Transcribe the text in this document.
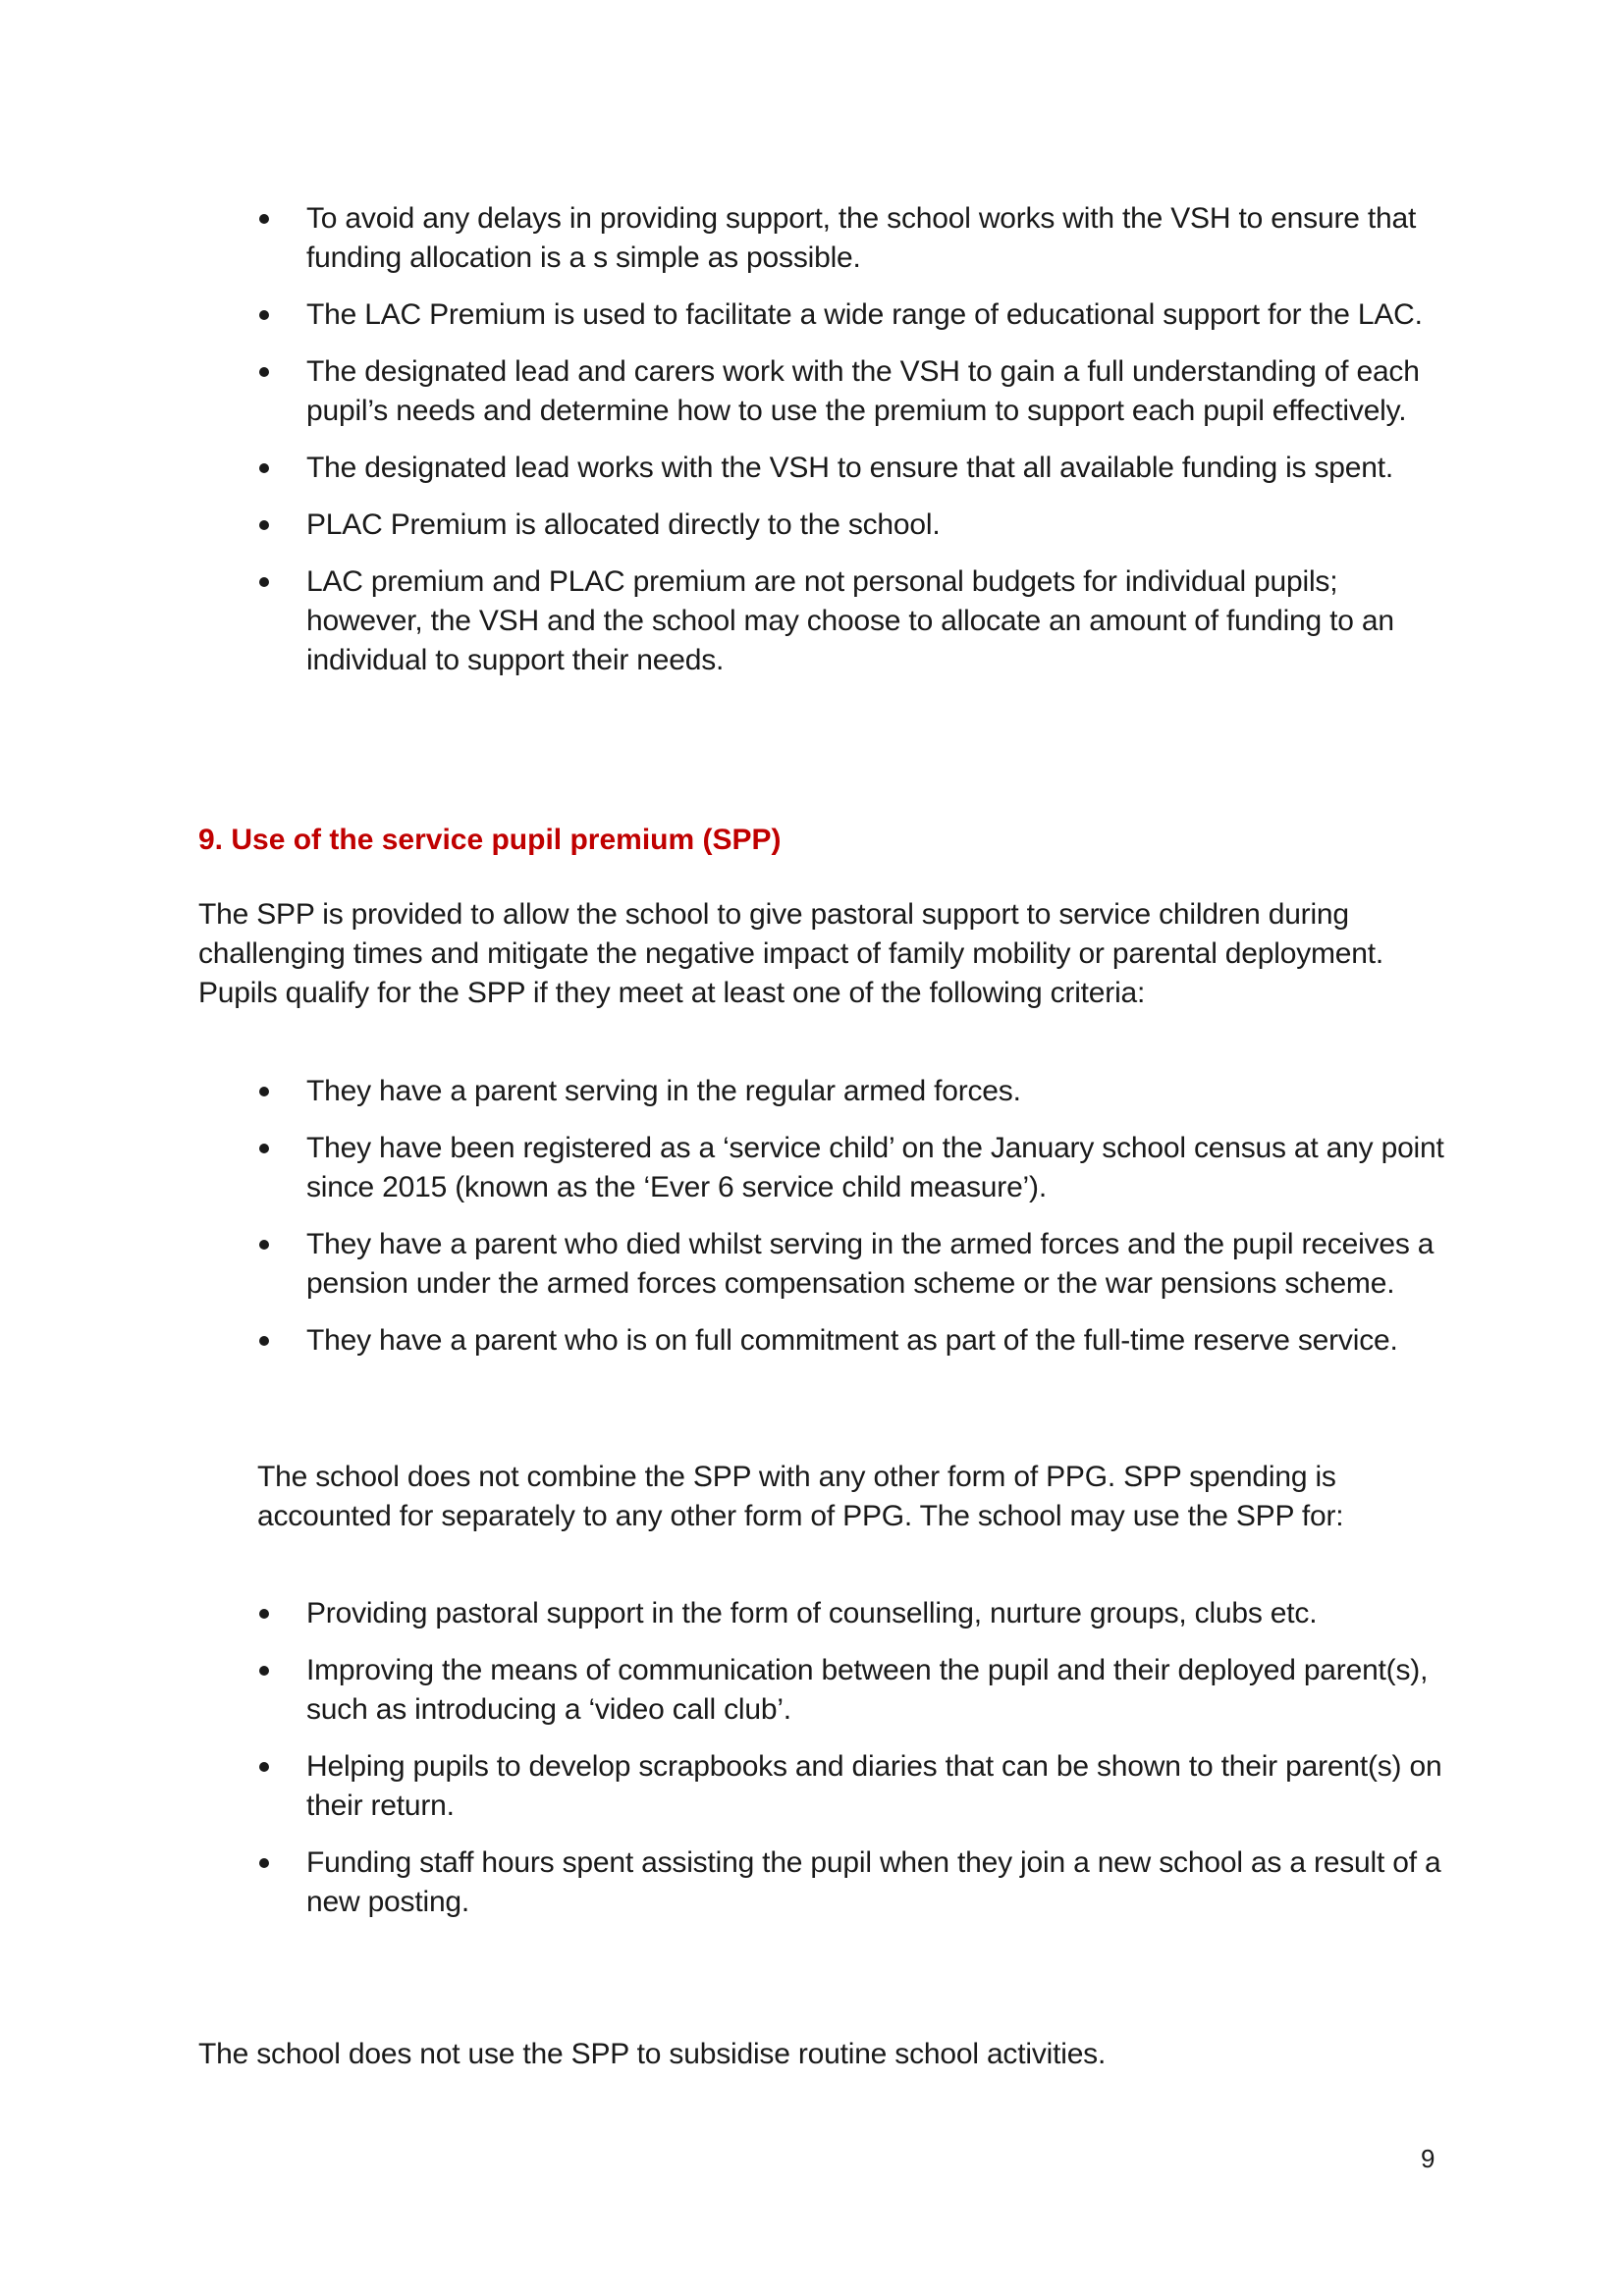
To avoid any delays in providing support, the school works with the VSH to ensure that funding allocation is a s simple as possible.
The LAC Premium is used to facilitate a wide range of educational support for the LAC.
The designated lead and carers work with the VSH to gain a full understanding of each pupil’s needs and determine how to use the premium to support each pupil effectively.
The designated lead works with the VSH to ensure that all available funding is spent.
PLAC Premium is allocated directly to the school.
LAC premium and PLAC premium are not personal budgets for individual pupils; however, the VSH and the school may choose to allocate an amount of funding to an individual to support their needs.
9. Use of the service pupil premium (SPP)
The SPP is provided to allow the school to give pastoral support to service children during challenging times and mitigate the negative impact of family mobility or parental deployment. Pupils qualify for the SPP if they meet at least one of the following criteria:
They have a parent serving in the regular armed forces.
They have been registered as a ‘service child’ on the January school census at any point since 2015 (known as the ‘Ever 6 service child measure’).
They have a parent who died whilst serving in the armed forces and the pupil receives a pension under the armed forces compensation scheme or the war pensions scheme.
They have a parent who is on full commitment as part of the full-time reserve service.
The school does not combine the SPP with any other form of PPG. SPP spending is accounted for separately to any other form of PPG. The school may use the SPP for:
Providing pastoral support in the form of counselling, nurture groups, clubs etc.
Improving the means of communication between the pupil and their deployed parent(s), such as introducing a ‘video call club’.
Helping pupils to develop scrapbooks and diaries that can be shown to their parent(s) on their return.
Funding staff hours spent assisting the pupil when they join a new school as a result of a new posting.
The school does not use the SPP to subsidise routine school activities.
9
